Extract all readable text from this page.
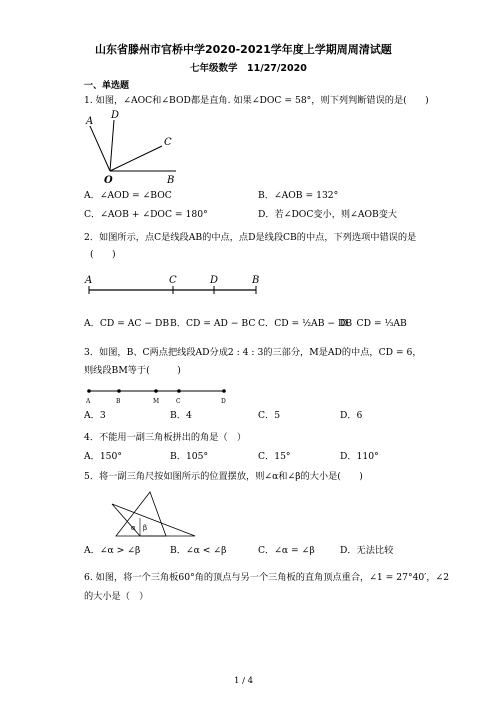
山东省滕州市官桥中学2020-2021学年度上学期周周清试题
七年级数学　11/27/2020
一、单选题
1. 如图，∠AOC和∠BOD都是直角. 如果∠DOC = 58°，则下列判断错误的是(　　)
A
D
C
O	B
A．∠AOD = ∠BOC	B．∠AOB = 132°
C．∠AOB + ∠DOC = 180°	D．若∠DOC变小，则∠AOB变大
2．如图所示，点C是线段AB的中点，点D是线段CB的中点，下列选项中错误的是
(　　)
A	C	D	B
A．CD = AC − DB B．CD = AD − BC C．CD = ½AB − DB
D．CD = ⅓AB
3．如图，B、C两点把线段AD分成2 : 4 : 3的三部分，M是AD的中点，CD = 6，
则线段BM等于(　　　)
A	B	M	C	D
A．3	B．4	C．5	D．6
4．不能用一副三角板拼出的角是（　）
A．150°	B．105°	C．15°	D．110°
5．将一副三角尺按如图所示的位置摆放，则∠α和∠β的大小是(　　)
α β
A．∠α > ∠β	B．∠α < ∠β	C．∠α = ∠β	D．无法比较
6. 如图，将一个三角板60°角的顶点与另一个三角板的直角顶点重合，∠1 = 27°40′，∠2
的大小是（　）
1 / 4
